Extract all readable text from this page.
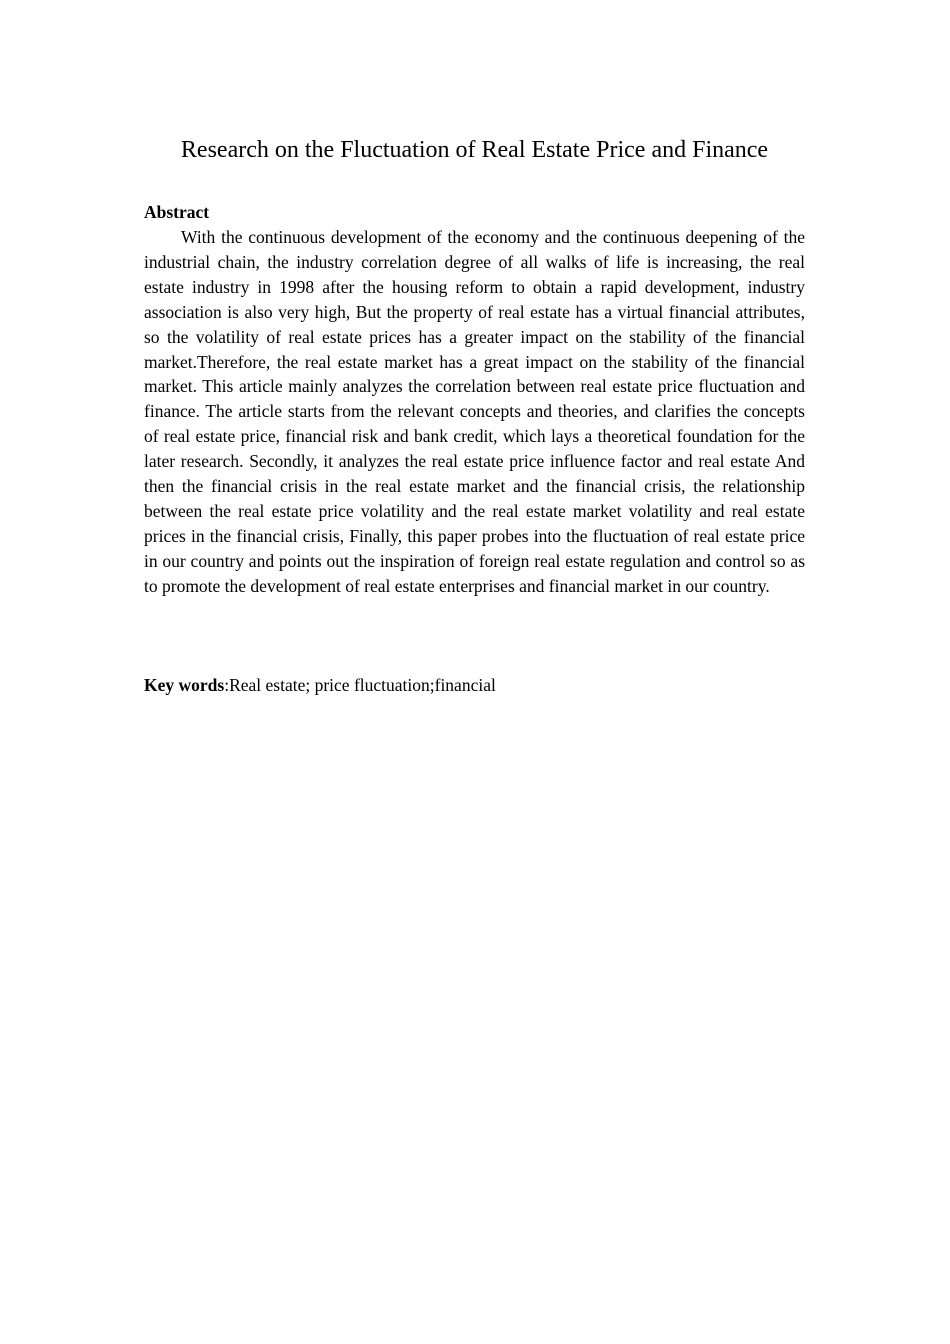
Research on the Fluctuation of Real Estate Price and Finance
Abstract

With the continuous development of the economy and the continuous deepening of the industrial chain, the industry correlation degree of all walks of life is increasing, the real estate industry in 1998 after the housing reform to obtain a rapid development, industry association is also very high, But the property of real estate has a virtual financial attributes, so the volatility of real estate prices has a greater impact on the stability of the financial market.Therefore, the real estate market has a great impact on the stability of the financial market. This article mainly analyzes the correlation between real estate price fluctuation and finance. The article starts from the relevant concepts and theories, and clarifies the concepts of real estate price, financial risk and bank credit, which lays a theoretical foundation for the later research. Secondly, it analyzes the real estate price influence factor and real estate And then the financial crisis in the real estate market and the financial crisis, the relationship between the real estate price volatility and the real estate market volatility and real estate prices in the financial crisis, Finally, this paper probes into the fluctuation of real estate price in our country and points out the inspiration of foreign real estate regulation and control so as to promote the development of real estate enterprises and financial market in our country.

Key words:Real estate; price fluctuation;financial
